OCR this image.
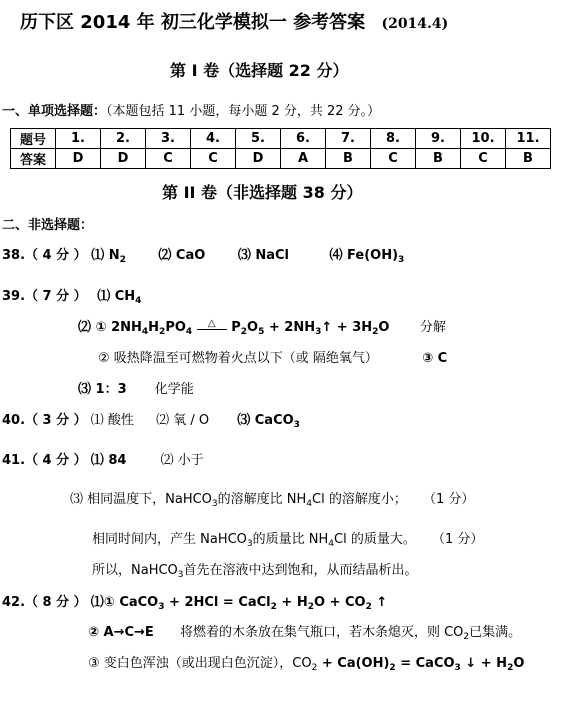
历下区 2014 年 初三化学模拟一 参考答案 (2014.4)
第 I 卷（选择题 22 分）
一、单项选择题：（本题包括 11 小题，每小题 2 分，共 22 分。）
题号	1.	2.	3.	4.	5.	6.	7.	8.	9.	10.	11.
答案	D	D	C	C	D	A	B	C	B	C	B
第 II 卷（非选择题 38 分）
二、非选择题：
38.（ 4 分 ） ⑴ $N_2$	⑵ CaO	⑶ NaCl	⑷ $Fe(OH)_3$
39.（ 7 分 ） ⑴ $CH_4$
⑵ ① $2NH_4H_2PO_4$ △ $P_2O_5$ + $2NH_3↑ + 3H_2O$ 分解
② 吸热降温至可燃物着火点以下（或 隔绝氧气）	③ C
⑶ 1：3 化学能
40.（ 3 分 ） ⑴ 酸性 ⑵ 氧 / O ⑶ CaCO$_3$
41.（ 4 分 ） ⑴ 84	⑵ 小于
⑶ 相同温度下，NaHCO$_3$的溶解度比 $NH_4Cl$ 的溶解度小； （1 分）
相同时间内，产生 NaHCO$_3$的质量比 $NH_4Cl$ 的质量大。 （1 分）
所以，NaHCO$_3$首先在溶液中达到饱和，从而结晶析出。
42.（ 8 分 ） ⑴① CaCO$_3$ + 2HCl = CaCl$_2$ + $H_2O + CO_2$ ↑
② A→C→E 将燃着的木条放在集气瓶口，若木条熄灭，则 $CO_2$已集满。
③ 变白色浑浊（或出现白色沉淀），$CO_2 + Ca(OH)_2$ = CaCO$_3$ ↓ + $H_2O$
